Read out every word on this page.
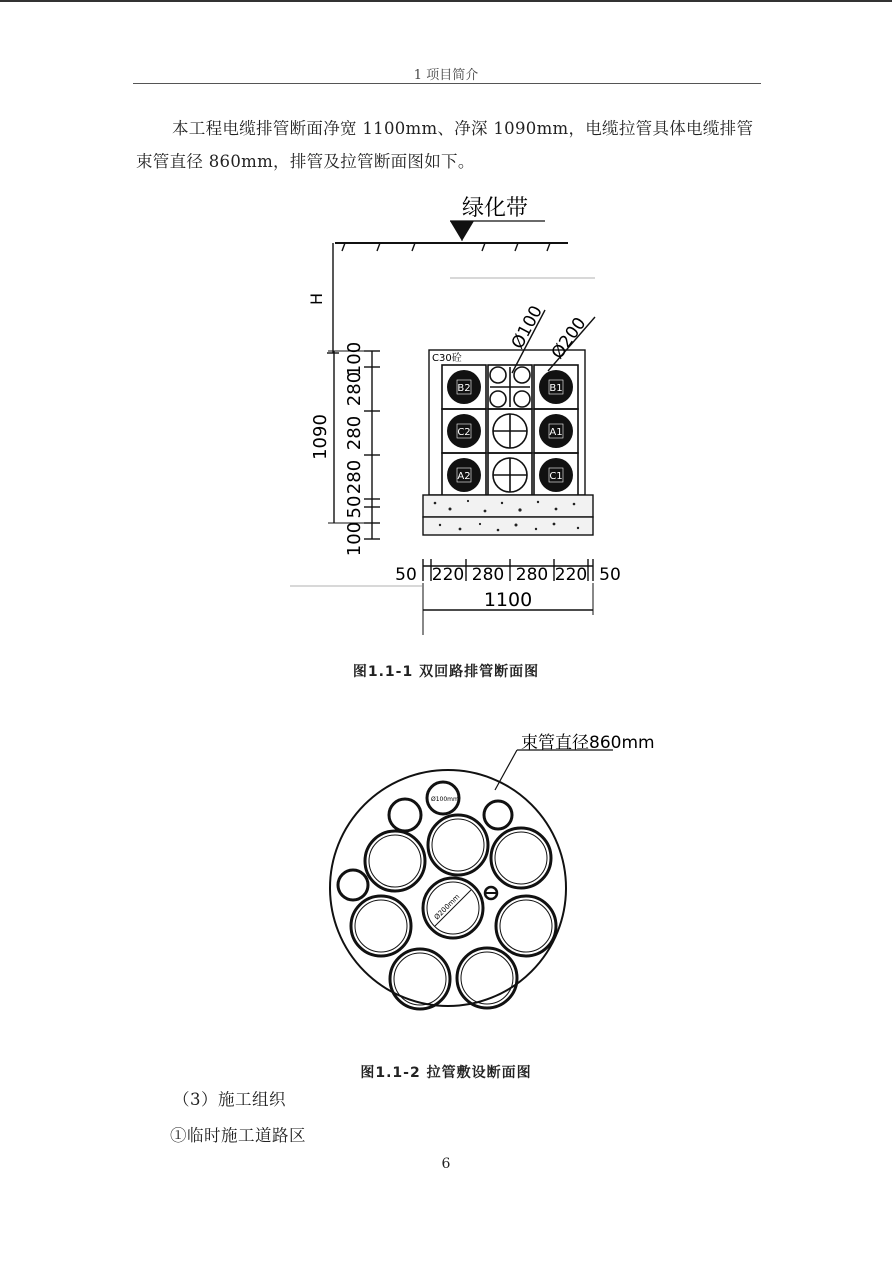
1 项目简介
本工程电缆排管断面净宽 1100mm、净深 1090mm，电缆拉管具体电缆排管束管直径 860mm，排管及拉管断面图如下。
绿化带
H
1090
100
280
280
280
50
100
C30砼
B2	B1
C2	A1
A2	C1
Ø100 Ø200
50 220 280 280 220 50
1100
图1.1-1 双回路排管断面图
束管直径860mm
Ø200mm
Ø100mm
图1.1-2 拉管敷设断面图
（3）施工组织
①临时施工道路区
6
